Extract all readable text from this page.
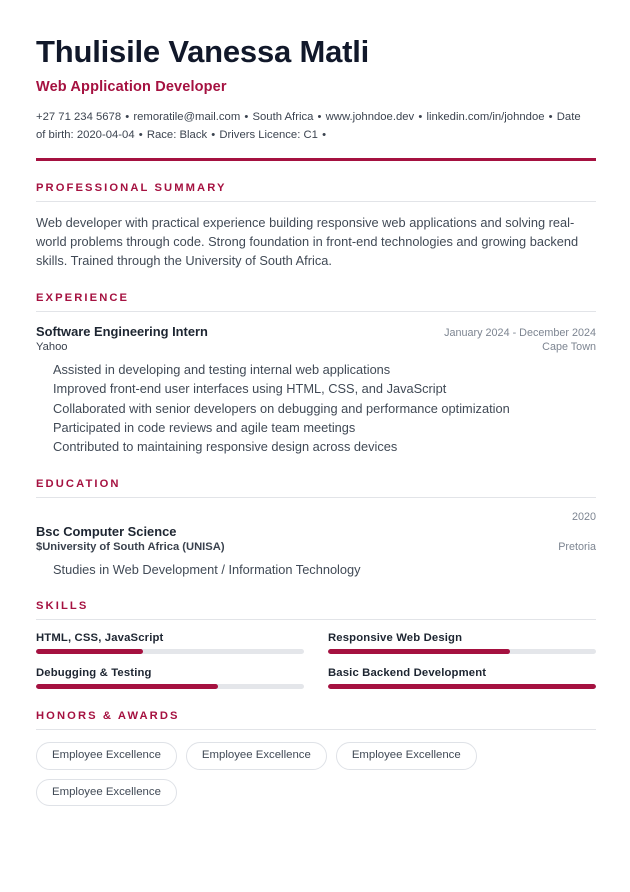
Thulisile Vanessa Matli
Web Application Developer
+27 71 234 5678 • remoratile@mail.com • South Africa • www.johndoe.dev • linkedin.com/in/johndoe • Date of birth: 2020-04-04 • Race: Black • Drivers Licence: C1 •
PROFESSIONAL SUMMARY

Web developer with practical experience building responsive web applications and solving real-world problems through code. Strong foundation in front-end technologies and growing backend skills. Trained through the University of South Africa.

EXPERIENCE
Software Engineering Intern	January 2024 - December 2024
Yahoo	Cape Town
Assisted in developing and testing internal web applications
Improved front-end user interfaces using HTML, CSS, and JavaScript
Collaborated with senior developers on debugging and performance optimization
Participated in code reviews and agile team meetings
Contributed to maintaining responsive design across devices
EDUCATION
2020
Bsc Computer Science
$University of South Africa (UNISA)	Pretoria
Studies in Web Development / Information Technology
SKILLS
HTML, CSS, JavaScript	Responsive Web Design
Debugging & Testing	Basic Backend Development
HONORS & AWARDS
Employee Excellence	Employee Excellence	Employee Excellence
Employee Excellence
